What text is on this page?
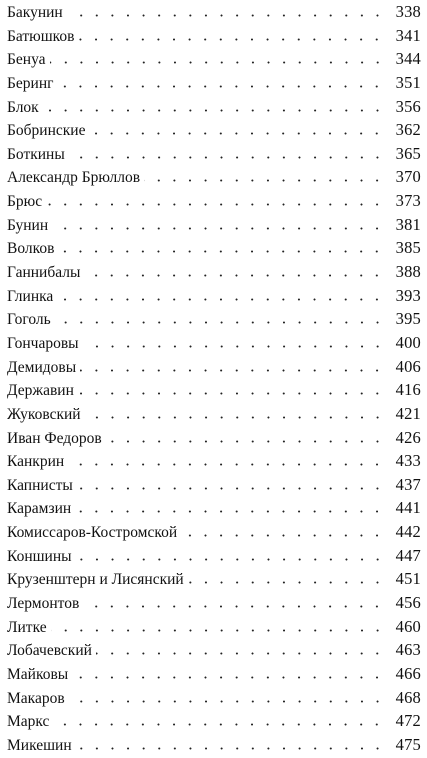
Бакунин	338
Батюшков	341
Бенуа	344
Беринг	351
Блок	356
Бобринские	362
Боткины	365
Александр Брюллов	370
Брюс	373
Бунин	381
Волков	385
Ганнибалы	388
Глинка	393
Гоголь	395
Гончаровы	400
Демидовы	406
Державин	416
Жуковский	421
Иван Федоров	426
Канкрин	433
Капнисты	437
Карамзин	441
Комиссаров-Костромской	442
Коншины	447
Крузенштерн и Лисянский	451
Лермонтов	456
Литке	460
Лобачевский	463
Майковы	466
Макаров	468
Маркс	472
Микешин	475
